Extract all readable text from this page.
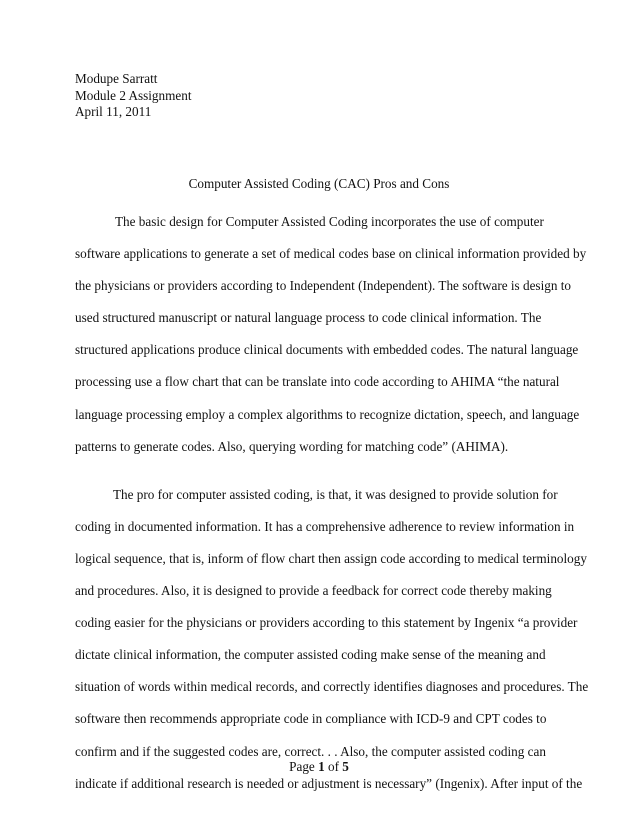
Modupe Sarratt
Module 2 Assignment
April 11, 2011
Computer Assisted Coding (CAC) Pros and Cons
The basic design for Computer Assisted Coding incorporates the use of computer
software applications to generate a set of medical codes base on clinical information provided by
the physicians or providers according to Independent (Independent). The software is design to
used structured manuscript or natural language process to code clinical information. The
structured applications produce clinical documents with embedded codes. The natural language
processing use a flow chart that can be translate into code according to AHIMA “the natural
language processing employ a complex algorithms to recognize dictation, speech, and language
patterns to generate codes. Also, querying wording for matching code” (AHIMA).
The pro for computer assisted coding, is that, it was designed to provide solution for
coding in documented information. It has a comprehensive adherence to review information in
logical sequence, that is, inform of flow chart then assign code according to medical terminology
and procedures. Also, it is designed to provide a feedback for correct code thereby making
coding easier for the physicians or providers according to this statement by Ingenix “a provider
dictate clinical information, the computer assisted coding make sense of the meaning and
situation of words within medical records, and correctly identifies diagnoses and procedures. The
software then recommends appropriate code in compliance with ICD-9 and CPT codes to
confirm and if the suggested codes are, correct. . . Also, the computer assisted coding can
indicate if additional research is needed or adjustment is necessary” (Ingenix). After input of the
Page 1 of 5
